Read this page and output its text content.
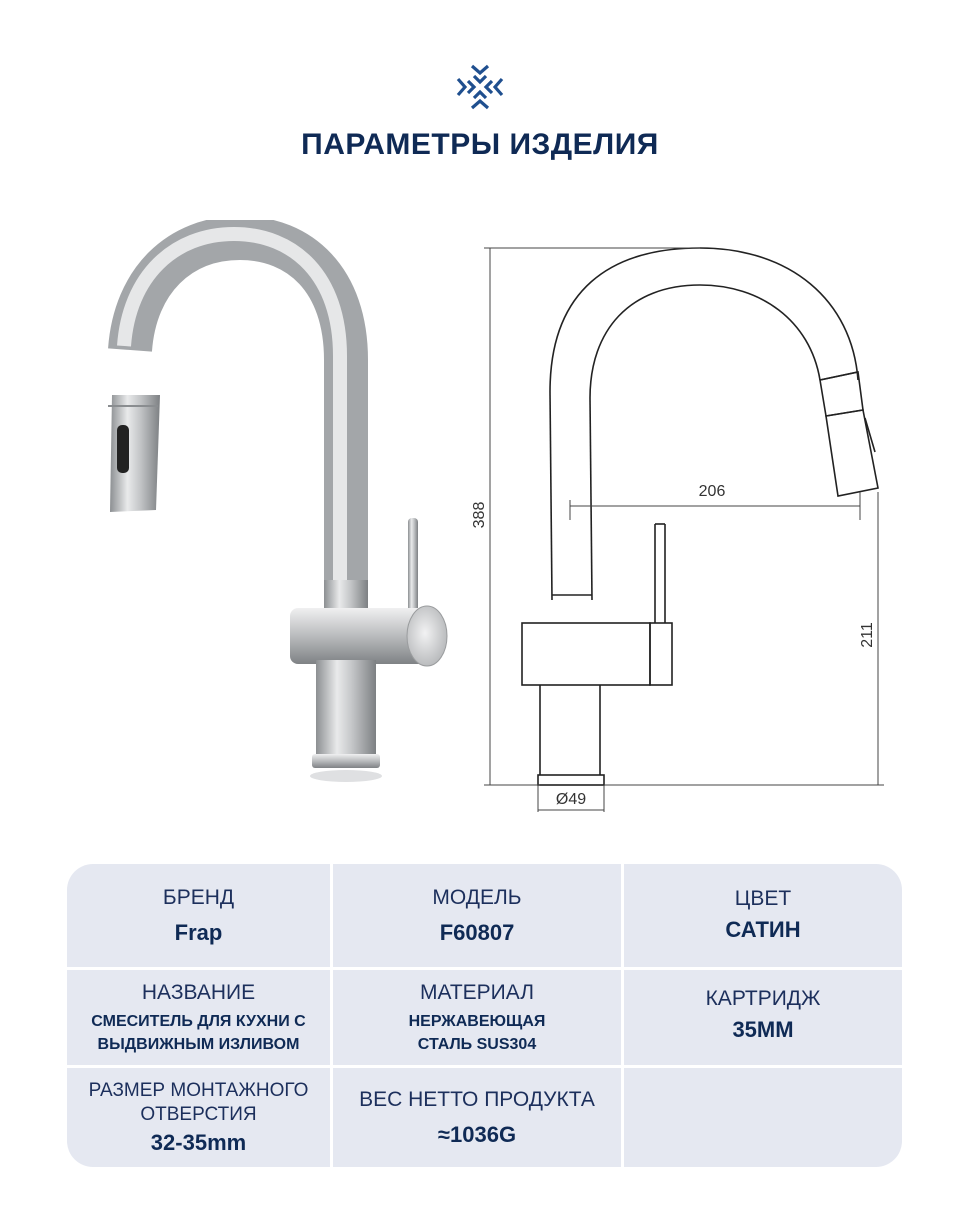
ПАРАМЕТРЫ ИЗДЕЛИЯ
388
206
211
Ø49
БРЕНД
Frap
МОДЕЛЬ
F60807
ЦВЕТ
САТИН
НАЗВАНИЕ
СМЕСИТЕЛЬ ДЛЯ КУХНИ С
ВЫДВИЖНЫМ ИЗЛИВОМ
МАТЕРИАЛ
НЕРЖАВЕЮЩАЯ
СТАЛЬ SUS304
КАРТРИДЖ
35MM
РАЗМЕР МОНТАЖНОГО
ОТВЕРСТИЯ
32-35mm
ВЕС НЕТТО ПРОДУКТА
≈1036G
